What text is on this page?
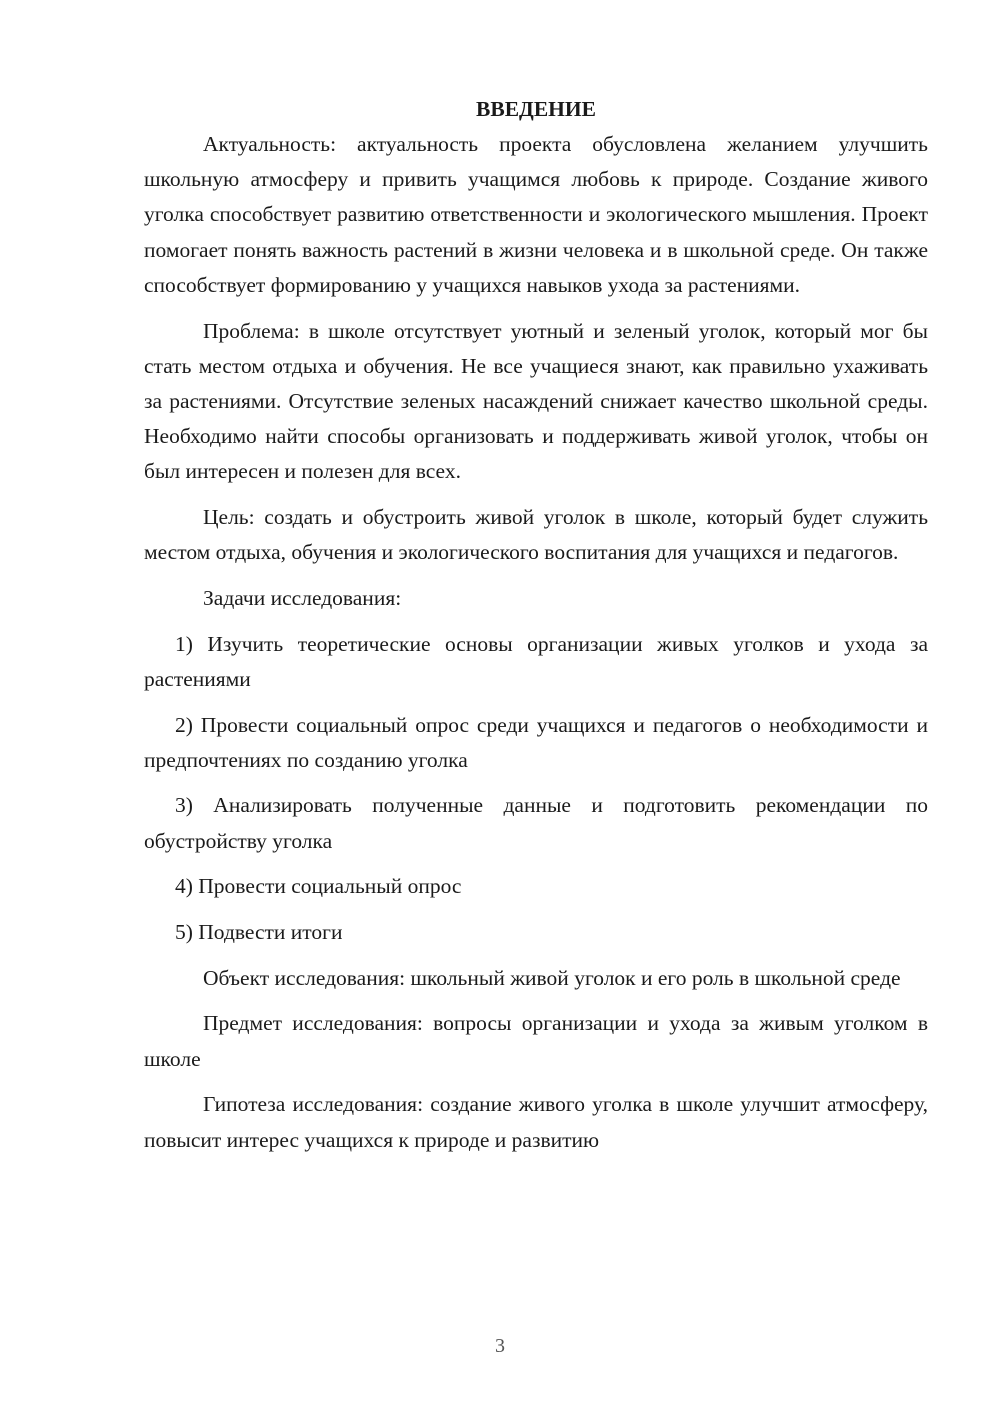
ВВЕДЕНИЕ

Актуальность: актуальность проекта обусловлена желанием улучшить школьную атмосферу и привить учащимся любовь к природе. Создание живого уголка способствует развитию ответственности и экологического мышления. Проект помогает понять важность растений в жизни человека и в школьной среде. Он также способствует формированию у учащихся навыков ухода за растениями.

Проблема: в школе отсутствует уютный и зеленый уголок, который мог бы стать местом отдыха и обучения. Не все учащиеся знают, как правильно ухаживать за растениями. Отсутствие зеленых насаждений снижает качество школьной среды. Необходимо найти способы организовать и поддерживать живой уголок, чтобы он был интересен и полезен для всех.

Цель: создать и обустроить живой уголок в школе, который будет служить местом отдыха, обучения и экологического воспитания для учащихся и педагогов.

Задачи исследования:

1) Изучить теоретические основы организации живых уголков и ухода за растениями

2) Провести социальный опрос среди учащихся и педагогов о необходимости и предпочтениях по созданию уголка

3) Анализировать полученные данные и подготовить рекомендации по обустройству уголка

4) Провести социальный опрос

5) Подвести итоги

Объект исследования: школьный живой уголок и его роль в школьной среде

Предмет исследования: вопросы организации и ухода за живым уголком в школе

Гипотеза исследования: создание живого уголка в школе улучшит атмосферу, повысит интерес учащихся к природе и развитию

3
